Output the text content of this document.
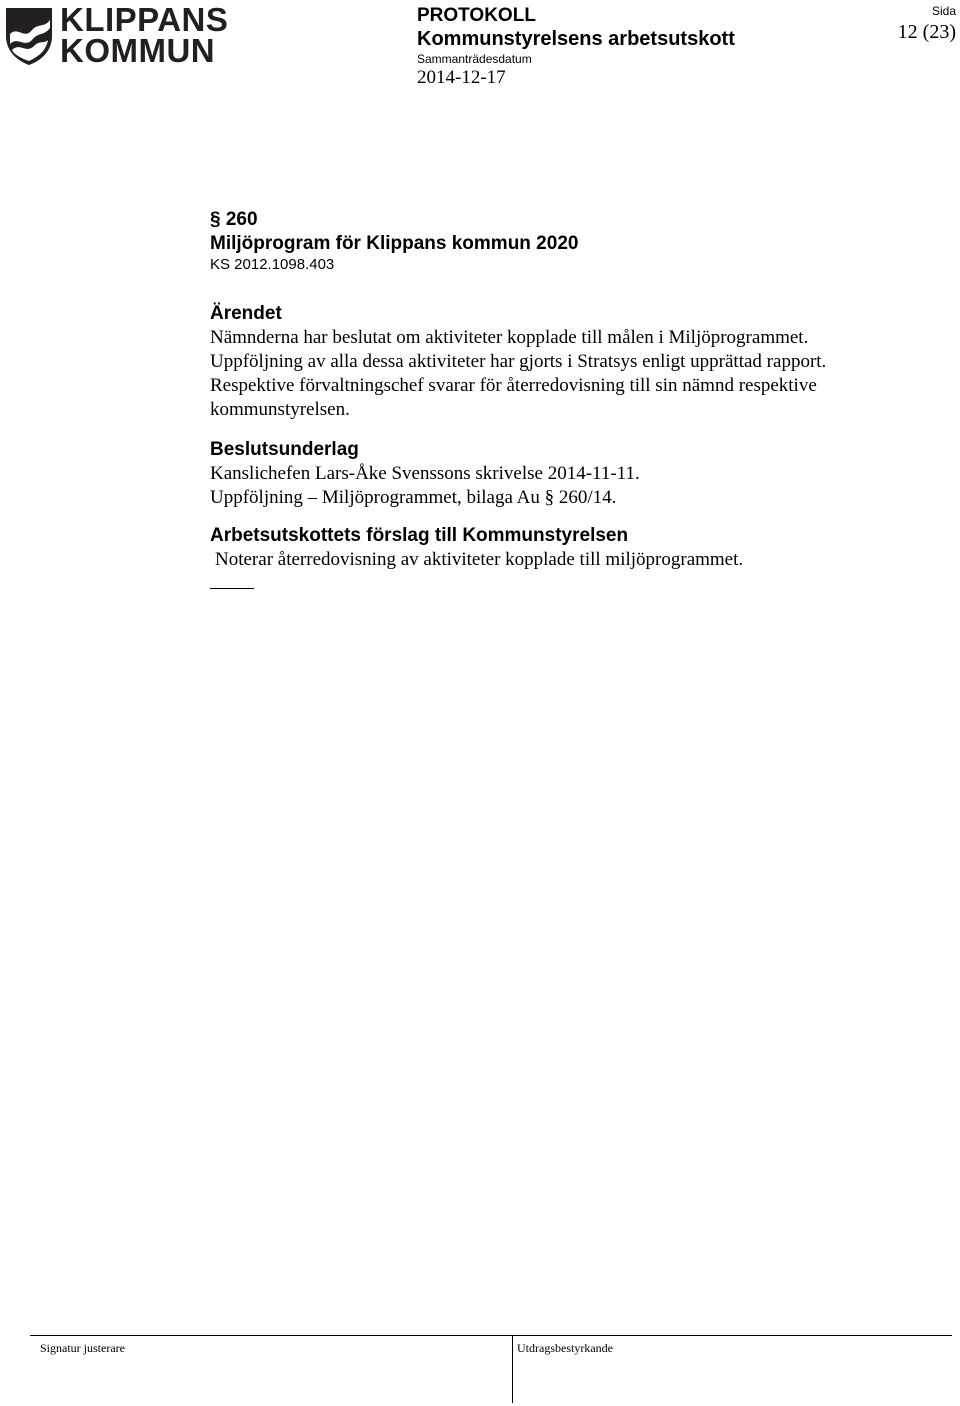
KLIPPANS
KOMMUN
PROTOKOLL
Kommunstyrelsens arbetsutskott
Sammanträdesdatum
2014-12-17
Sida
12 (23)
§ 260
Miljöprogram för Klippans kommun 2020
KS 2012.1098.403
Ärendet
Nämnderna har beslutat om aktiviteter kopplade till målen i Miljöprogrammet.
Uppföljning av alla dessa aktiviteter har gjorts i Stratsys enligt upprättad rapport.
Respektive förvaltningschef svarar för återredovisning till sin nämnd respektive
kommunstyrelsen.
Beslutsunderlag
Kanslichefen Lars-Åke Svenssons skrivelse 2014-11-11.
Uppföljning – Miljöprogrammet, bilaga Au § 260/14.
Arbetsutskottets förslag till Kommunstyrelsen
Noterar återredovisning av aktiviteter kopplade till miljöprogrammet.
Signatur justerare	Utdragsbestyrkande
